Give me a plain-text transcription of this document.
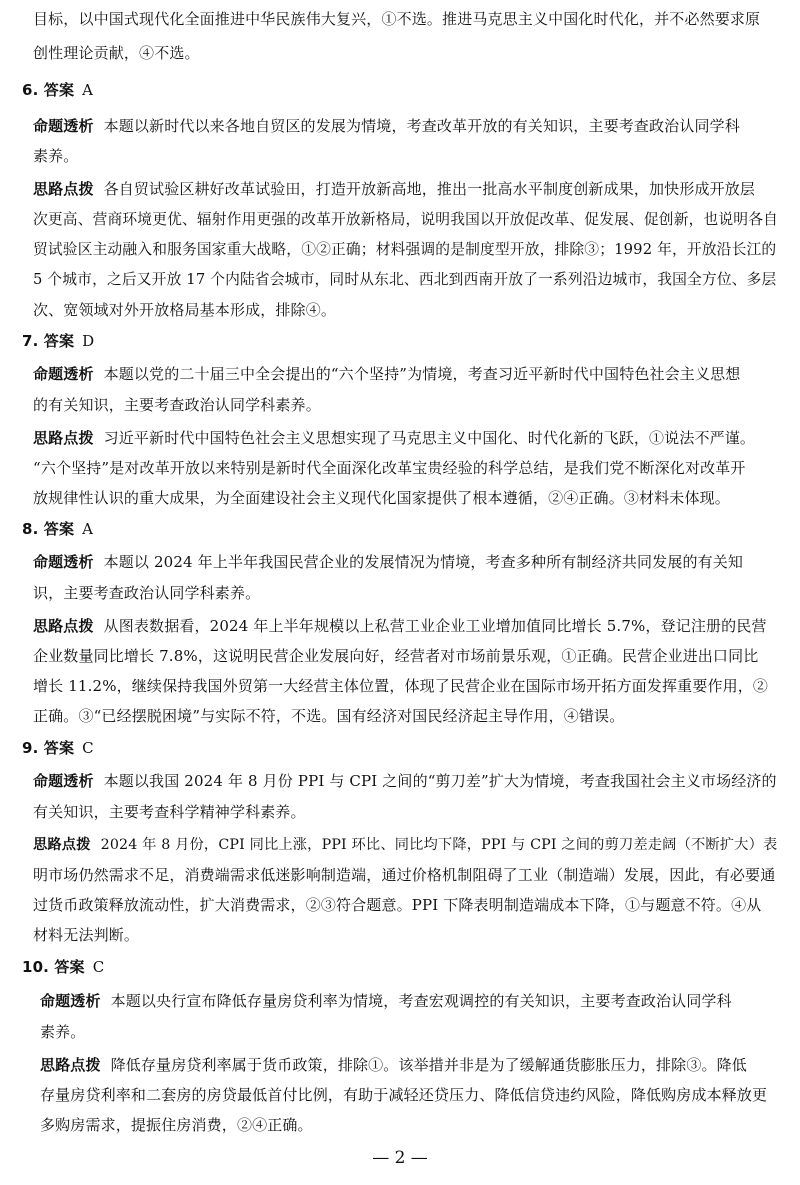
目标，以中国式现代化全面推进中华民族伟大复兴，①不选。推进马克思主义中国化时代化，并不必然要求原
创性理论贡献，④不选。
6. 答案 A
命题透析 本题以新时代以来各地自贸区的发展为情境，考查改革开放的有关知识，主要考查政治认同学科
素养。
思路点拨 各自贸试验区耕好改革试验田，打造开放新高地，推出一批高水平制度创新成果，加快形成开放层
次更高、营商环境更优、辐射作用更强的改革开放新格局，说明我国以开放促改革、促发展、促创新，也说明各自
贸试验区主动融入和服务国家重大战略，①②正确；材料强调的是制度型开放，排除③；1992 年，开放沿长江的
5 个城市，之后又开放 17 个内陆省会城市，同时从东北、西北到西南开放了一系列沿边城市，我国全方位、多层
次、宽领域对外开放格局基本形成，排除④。
7. 答案 D
命题透析 本题以党的二十届三中全会提出的“六个坚持”为情境，考查习近平新时代中国特色社会主义思想
的有关知识，主要考查政治认同学科素养。
思路点拨 习近平新时代中国特色社会主义思想实现了马克思主义中国化、时代化新的飞跃，①说法不严谨。
“六个坚持”是对改革开放以来特别是新时代全面深化改革宝贵经验的科学总结，是我们党不断深化对改革开
放规律性认识的重大成果，为全面建设社会主义现代化国家提供了根本遵循，②④正确。③材料未体现。
8. 答案 A
命题透析 本题以 2024 年上半年我国民营企业的发展情况为情境，考查多种所有制经济共同发展的有关知
识，主要考查政治认同学科素养。
思路点拨 从图表数据看，2024 年上半年规模以上私营工业企业工业增加值同比增长 5.7%，登记注册的民营
企业数量同比增长 7.8%，这说明民营企业发展向好，经营者对市场前景乐观，①正确。民营企业进出口同比
增长 11.2%，继续保持我国外贸第一大经营主体位置，体现了民营企业在国际市场开拓方面发挥重要作用，②
正确。③“已经摆脱困境”与实际不符，不选。国有经济对国民经济起主导作用，④错误。
9. 答案 C
命题透析 本题以我国 2024 年 8 月份 PPI 与 CPI 之间的“剪刀差”扩大为情境，考查我国社会主义市场经济的
有关知识，主要考查科学精神学科素养。
思路点拨 2024 年 8 月份，CPI 同比上涨，PPI 环比、同比均下降，PPI 与 CPI 之间的剪刀差走阔（不断扩大）表
明市场仍然需求不足，消费端需求低迷影响制造端，通过价格机制阻碍了工业（制造端）发展，因此，有必要通
过货币政策释放流动性，扩大消费需求，②③符合题意。PPI 下降表明制造端成本下降，①与题意不符。④从
材料无法判断。
10. 答案 C
命题透析 本题以央行宣布降低存量房贷利率为情境，考查宏观调控的有关知识，主要考查政治认同学科
素养。
思路点拨 降低存量房贷利率属于货币政策，排除①。该举措并非是为了缓解通货膨胀压力，排除③。降低
存量房贷利率和二套房的房贷最低首付比例，有助于减轻还贷压力、降低信贷违约风险，降低购房成本释放更
多购房需求，提振住房消费，②④正确。
— 2 —
